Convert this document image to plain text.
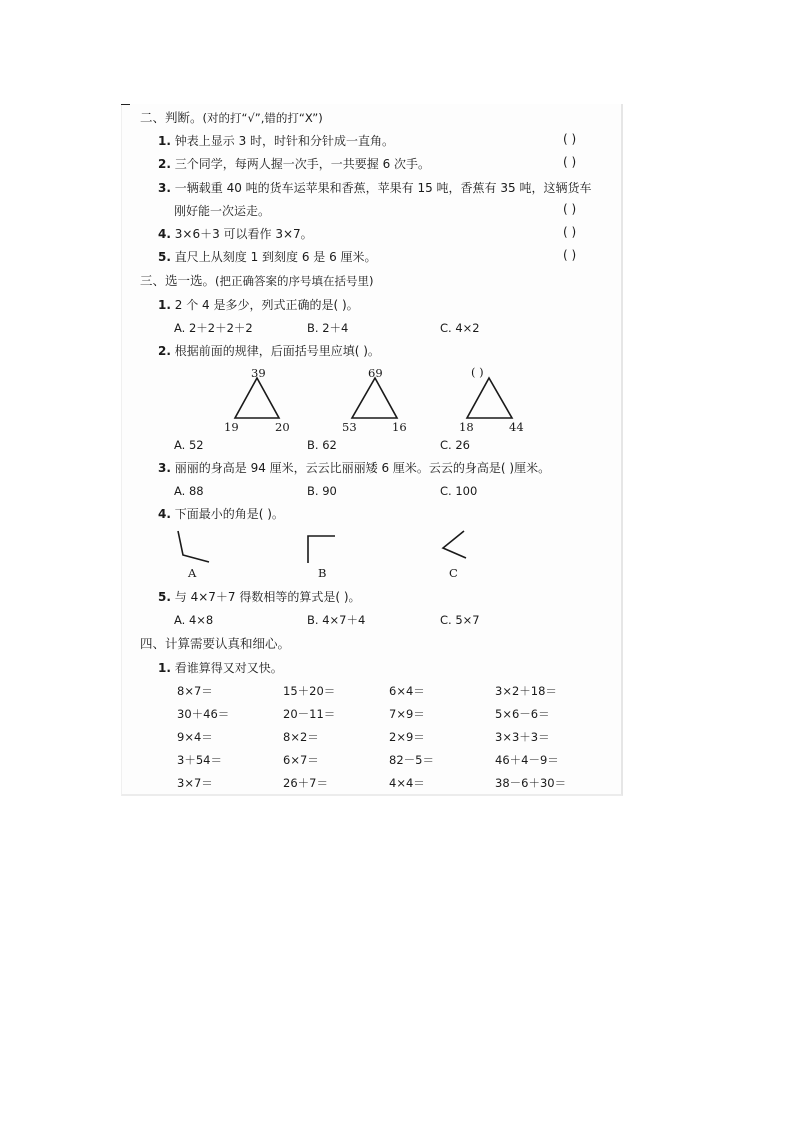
二、判断。(对的打“√”,错的打“X”)
1. 钟表上显示 3 时，时针和分针成一直角。	( )
2. 三个同学，每两人握一次手，一共要握 6 次手。	( )
3. 一辆载重 40 吨的货车运苹果和香蕉，苹果有 15 吨，香蕉有 35 吨，这辆货车
刚好能一次运走。	( )
4. 3×6＋3 可以看作 3×7。	( )
5. 直尺上从刻度 1 到刻度 6 是 6 厘米。	( )
三、选一选。(把正确答案的序号填在括号里)
1. 2 个 4 是多少，列式正确的是( )。
A. 2＋2＋2＋2	B. 2＋4	C. 4×2
2. 根据前面的规律，后面括号里应填( )。
39
19	20
69
53	16
( )
18	44
A. 52	B. 62	C. 26
3. 丽丽的身高是 94 厘米，云云比丽丽矮 6 厘米。云云的身高是( )厘米。
A. 88	B. 90	C. 100
4. 下面最小的角是( )。
A	B	C
5. 与 4×7＋7 得数相等的算式是( )。
A. 4×8	B. 4×7＋4	C. 5×7
四、计算需要认真和细心。
1. 看谁算得又对又快。
8×7＝	15＋20＝	6×4＝	3×2＋18＝
30＋46＝	20－11＝	7×9＝	5×6－6＝
9×4＝	8×2＝	2×9＝	3×3＋3＝
3＋54＝	6×7＝	82－5＝	46＋4－9＝
3×7＝	26＋7＝	4×4＝	38－6＋30＝
